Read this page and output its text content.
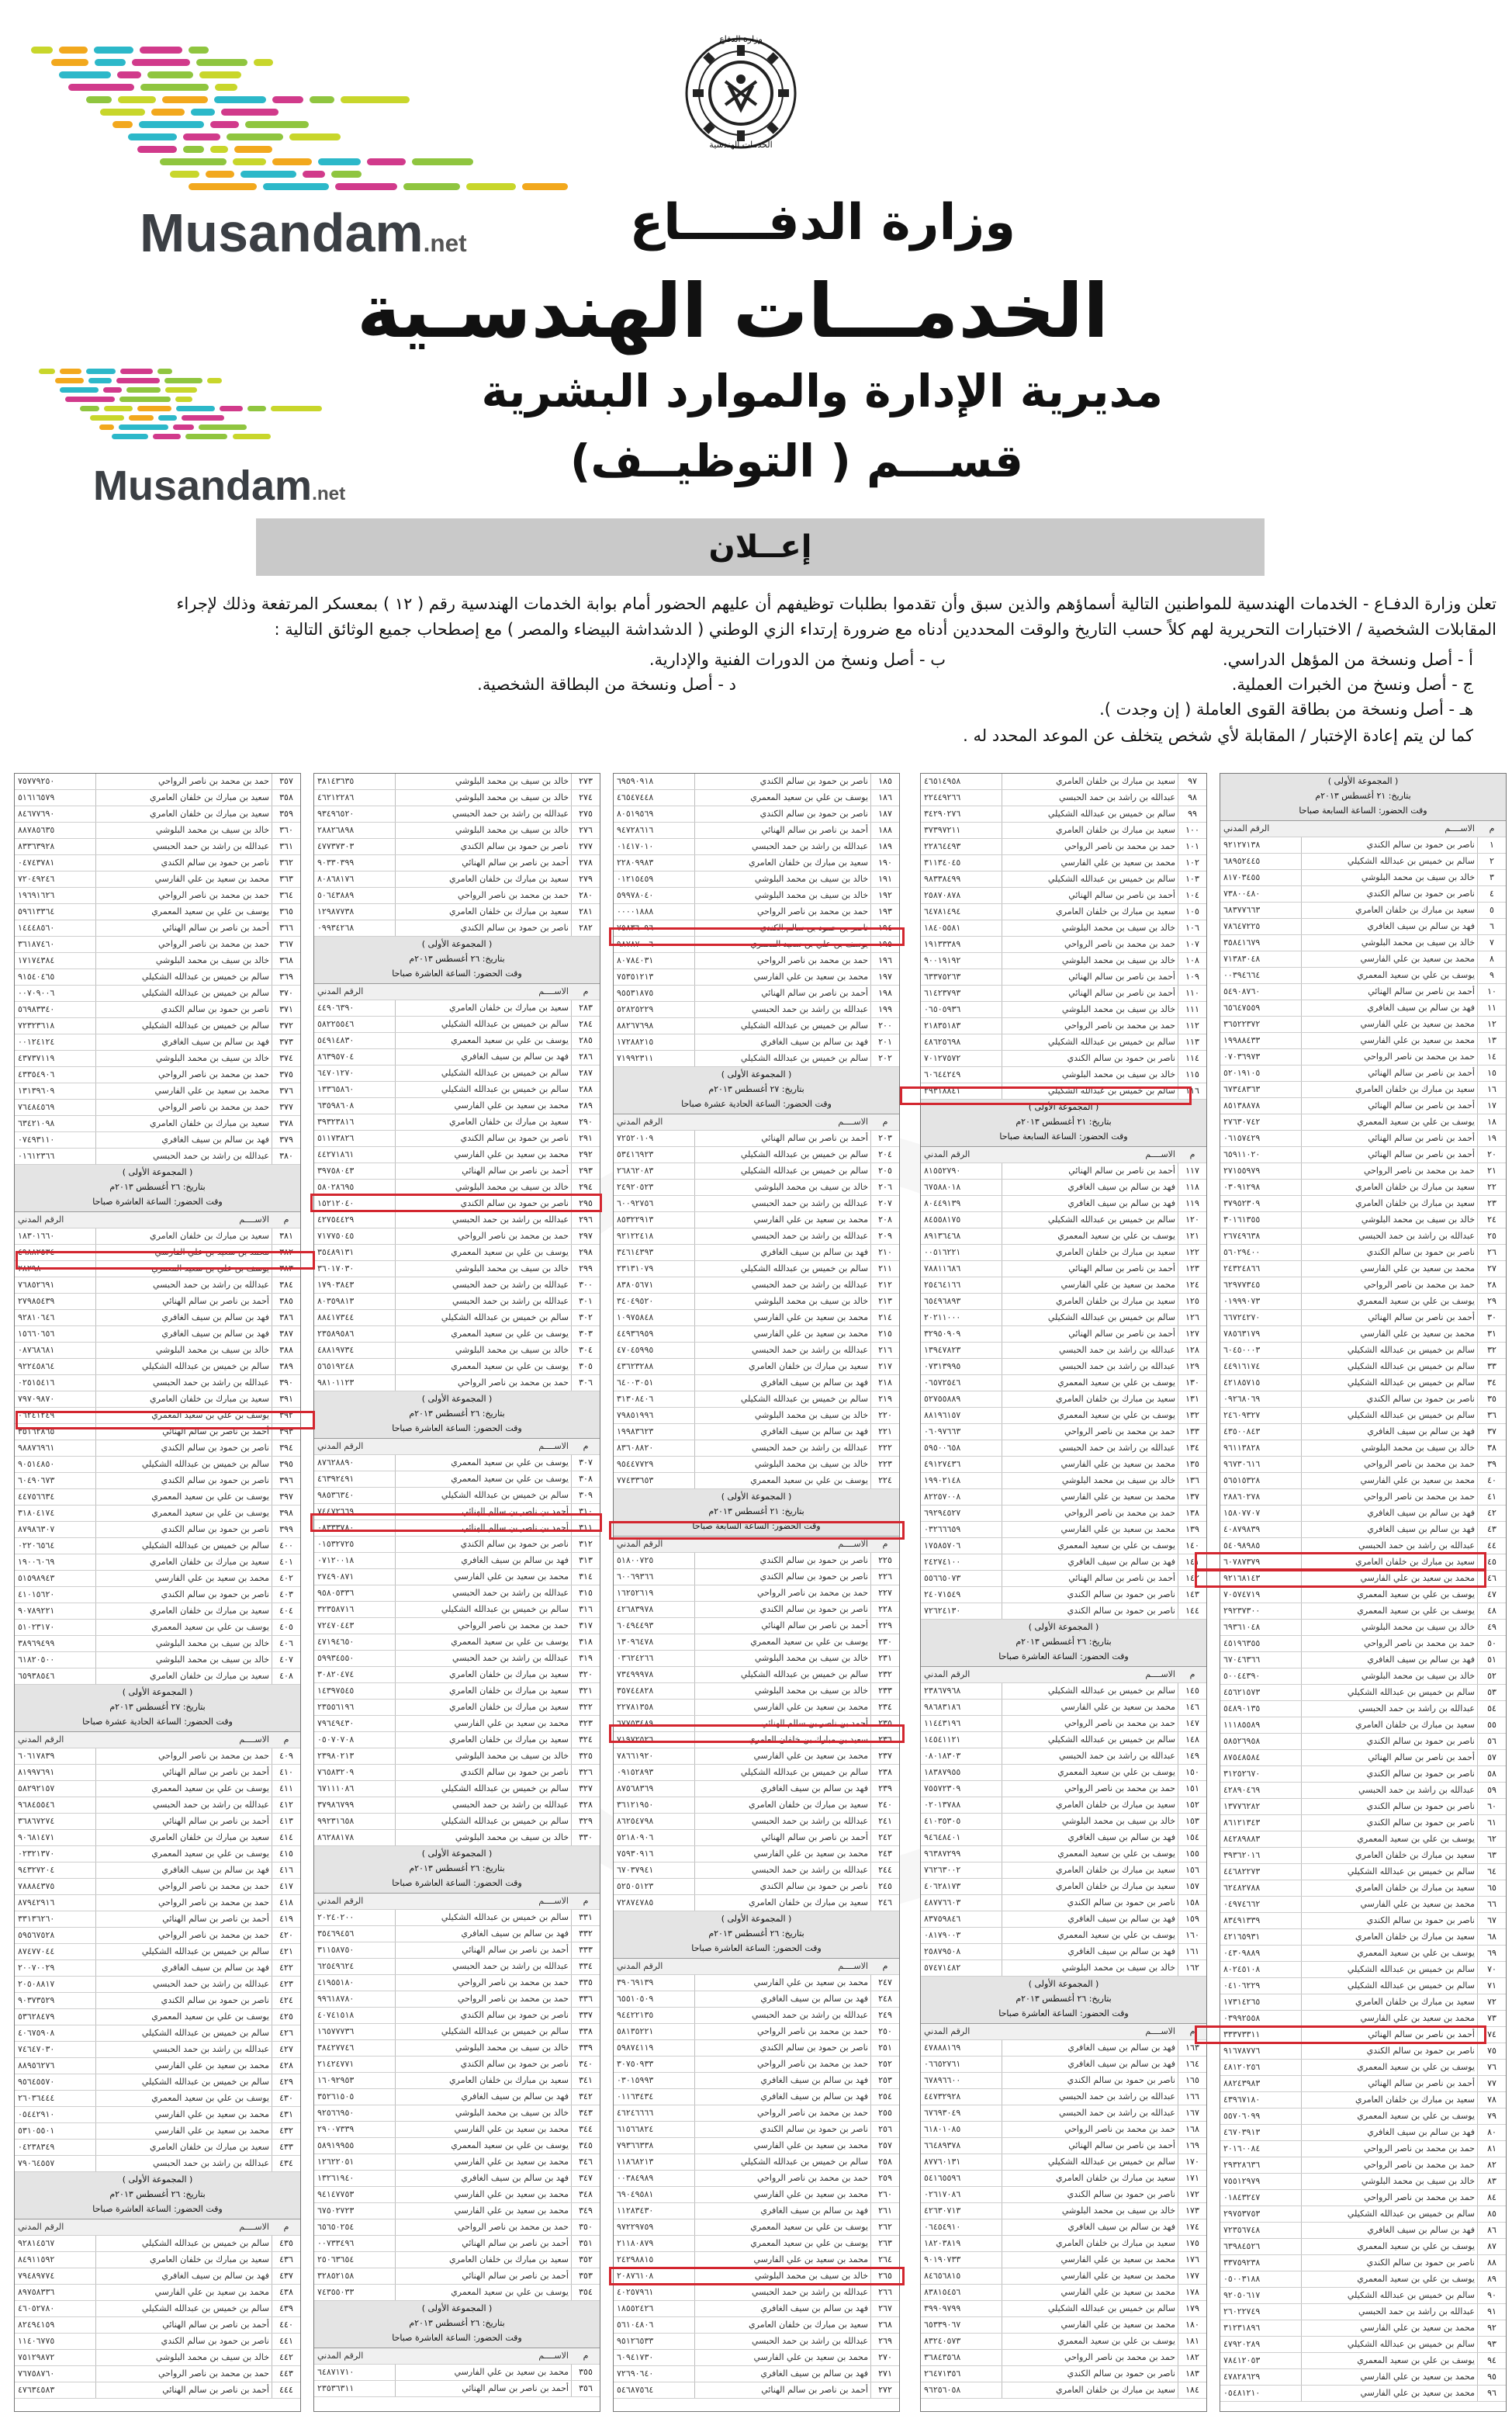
Musandam.net
Musandam.net
وزارة الدفاع
الخدمات الهندسية
وزارة الدفـــــاع
الخدمـــات الهندسـية
مديرية الإدارة والموارد البشرية
قســـم ( التوظيــف)
إعــلان
تعلن وزارة الدفـاع - الخدمات الهندسية للمواطنين التالية أسماؤهم والذين سبق وأن تقدموا بطلبات توظيفهم أن عليهم الحضور أمام بوابة الخدمات الهندسية رقم ( ١٢ ) بمعسكر المرتفعة وذلك لإجراء
المقابلات الشخصية / الاختبارات التحريرية لهم كلاً حسب التاريخ والوقت المحددين أدناه مع ضرورة إرتداء الزي الوطني ( الدشداشة البيضاء والمصر ) مع إصطحاب جميع الوثائق التالية :
أ - أصل ونسخة من المؤهل الدراسي.
ب - أصل ونسخ من الدورات الفنية والإدارية.
ج - أصل ونسخ من الخبرات العملية.
د - أصل ونسخة من البطاقة الشخصية.
هـ - أصل ونسخة من بطاقة القوى العاملة ( إن وجدت ).
كما لن يتم إعادة الإختبار / المقابلة لأي شخص يتخلف عن الموعد المحدد له .
( المجموعة الأولى )
بتاريخ: ٢١ أغسطس ٢٠١٣م
وقت الحضور: الساعة السابعة صباحا
م
الاســــم
الرقم المدني
١
ناصر بن حمود بن سالم الكندي
٩٢١٢٧١٣٨
٢
سالم بن خميس بن عبدالله الشكيلي
٦٨٩٥٢٤٤٥
٣
خالد بن سيف بن محمد البلوشي
٨١٧٠٣٤٥٥
٤
ناصر بن حمود بن سالم الكندي
٧٣٨٠٠٤٨٠
٥
سعيد بن مبارك بن خلفان العامري
٦٨٣٧٧٦٦٣
٦
فهد بن سالم بن سيف الغافري
٧٨٦٤٧٢٢٥
٧
خالد بن سيف بن محمد البلوشي
٣٥٨٤١٦٧٩
٨
محمد بن سعيد بن علي الفارسي
٧١٣٨٣٠٤٨
٩
يوسف بن علي بن سعيد المعمري
٠٠٣٩٤٦٦٤
١٠
أحمد بن ناصر بن سالم الهنائي
٥٤٩٠٨٧٦٠
١١
فهد بن سالم بن سيف الغافري
٦٥٦٤٧٥٥٩
١٢
محمد بن سعيد بن علي الفارسي
٣٦٥٢٢٣٧٢
١٣
محمد بن سعيد بن علي الفارسي
١٩٩٨٨٤٣٣
١٤
حمد بن محمد بن ناصر الرواحي
٠٧٠٣٦٩٧٣
١٥
أحمد بن ناصر بن سالم الهنائي
٥٢٠١٩١٠٥
١٦
سعيد بن مبارك بن خلفان العامري
٦٧٣٤٨٣٦٣
١٧
أحمد بن ناصر بن سالم الهنائي
٨٥١٣٨٨٧٨
١٨
يوسف بن علي بن سعيد المعمري
٢٧٦٣٠٧٤٢
١٩
أحمد بن ناصر بن سالم الهنائي
٠٦١٥٧٤٢٩
٢٠
أحمد بن ناصر بن سالم الهنائي
٦٥٩١١٠٢٠
٢١
حمد بن محمد بن ناصر الرواحي
٢٧١٥٥٩٧٩
٢٢
سعيد بن مبارك بن خلفان العامري
٠٣٠٩١٢٩٨
٢٣
سعيد بن مبارك بن خلفان العامري
٣٧٩٥٢٣٠٩
٢٤
خالد بن سيف بن محمد البلوشي
٣٠١٦١٣٥٥
٢٥
عبدالله بن راشد بن حمد الحبسي
٢٦٧٤٩٦٣٨
٢٦
ناصر بن حمود بن سالم الكندي
٥٦٠٢٩٤٠٠
٢٧
محمد بن سعيد بن علي الفارسي
٢٤٣٢٤٨٦٦
٢٨
حمد بن محمد بن ناصر الرواحي
٦٢٩٧٧٣٤٥
٢٩
يوسف بن علي بن سعيد المعمري
٠١٩٩٩٠٧٣
٣٠
أحمد بن ناصر بن سالم الهنائي
٦٦٧٢٤٢٧٠
٣١
محمد بن سعيد بن علي الفارسي
٧٨٥٦٣١٧٩
٣٢
سالم بن خميس بن عبدالله الشكيلي
٦٠٤٥٠٠٠٣
٣٣
سالم بن خميس بن عبدالله الشكيلي
٤٤٩١٦١٧٤
٣٤
سالم بن خميس بن عبدالله الشكيلي
٤٢١٨٥٧١٥
٣٥
ناصر بن حمود بن سالم الكندي
٠٩٢٦٨٠٦٩
٣٦
سالم بن خميس بن عبدالله الشكيلي
٢٤٦٠٩٣٢٧
٣٧
فهد بن سالم بن سيف الغافري
٤٣٥٠٠٨٤٣
٣٨
خالد بن سيف بن محمد البلوشي
٩٦١١٣٨٢٨
٣٩
حمد بن محمد بن ناصر الرواحي
٩٦٧٣٠٦١٦
٤٠
محمد بن سعيد بن علي الفارسي
٥٦٥١٥٣٢٨
٤١
حمد بن محمد بن ناصر الرواحي
٢٨٨٦٠٢٧٨
٤٢
فهد بن سالم بن سيف الغافري
١٥٨٠٧٧٠٧
٤٣
فهد بن سالم بن سيف الغافري
٤٠٨٧٩٨٣٩
٤٤
عبدالله بن راشد بن حمد الحبسي
٥٤٠٩٨٩٨٥
٤٥
سعيد بن مبارك بن خلفان العامري
٦٠٧٨٧٣٧٩
٤٦
محمد بن سعيد بن علي الفارسي
٩٢١٦٨١٤٣
٤٧
يوسف بن علي بن سعيد المعمري
٧٠٥٧٤٧١٩
٤٨
يوسف بن علي بن سعيد المعمري
٢٩٢٣٧٣٠٠
٤٩
خالد بن سيف بن محمد البلوشي
٦٩٣٦١٠٤٨
٥٠
حمد بن محمد بن ناصر الرواحي
٤٥١٩٦٣٥٥
٥١
فهد بن سالم بن سيف الغافري
٦٧٠٤٦٣٦٦
٥٢
خالد بن سيف بن محمد البلوشي
٥٠٠٤٤٣٩٠
٥٣
سالم بن خميس بن عبدالله الشكيلي
٤٥٦٢١٥٧٣
٥٤
عبدالله بن راشد بن حمد الحبسي
٥٤٨٩٠١٣٥
٥٥
سعيد بن مبارك بن خلفان العامري
١١١٨٥٥٨٩
٥٦
ناصر بن حمود بن سالم الكندي
٥٨٥٢٦٩٥٨
٥٧
أحمد بن ناصر بن سالم الهنائي
٨٧٥٤٨٥٨٤
٥٨
ناصر بن حمود بن سالم الكندي
٣١٢٥٢٦٧٠
٥٩
عبدالله بن راشد بن حمد الحبسي
٤٢٨٩٠٤٦٩
٦٠
ناصر بن حمود بن سالم الكندي
١٣٧٧٦٢٨٢
٦١
ناصر بن حمود بن سالم الكندي
٨٦١٢١٣٤٣
٦٢
يوسف بن علي بن سعيد المعمري
٨٤٢٨٩٨٨٣
٦٣
سعيد بن مبارك بن خلفان العامري
٣٩٣٦٢٠١٦
٦٤
سالم بن خميس بن عبدالله الشكيلي
٤٤٦٨٢٢٧٣
٦٥
سعيد بن مبارك بن خلفان العامري
٦٢٤٨٢٧٨٨
٦٦
محمد بن سعيد بن علي الفارسي
٠٤٩٧٤٦٦٢
٦٧
ناصر بن حمود بن سالم الكندي
٨٣٤٩١٣٣٩
٦٨
سعيد بن مبارك بن خلفان العامري
٤٢١٦٥٩٣١
٦٩
يوسف بن علي بن سعيد المعمري
٠٤٣٠٩٨٨٩
٧٠
سالم بن خميس بن عبدالله الشكيلي
٨٠٢٤٥١٠٨
٧١
سالم بن خميس بن عبدالله الشكيلي
٠٤١٠٦٢٢٩
٧٢
سعيد بن مبارك بن خلفان العامري
١٧٣١٤٢٦٥
٧٣
محمد بن سعيد بن علي الفارسي
٠٣٩٩٢٥٥٨
٧٤
أحمد بن ناصر بن سالم الهنائي
٣٣٣٧٣٣١١
٧٥
ناصر بن حمود بن سالم الكندي
٩١٦٧٨٧٧٦
٧٦
يوسف بن علي بن سعيد المعمري
٤٨١٢٠٢٥٦
٧٧
أحمد بن ناصر بن سالم الهنائي
٨٨٢٤٣٩٨٣
٧٨
سعيد بن مبارك بن خلفان العامري
٤٣٩٦٧١٨٠
٧٩
يوسف بن علي بن سعيد المعمري
٥٥٧٠٦٠٩٩
٨٠
فهد بن سالم بن سيف الغافري
٤٦٧٠٣٩١٣
٨١
حمد بن محمد بن ناصر الرواحي
٢٠١٦٠٠٨٤
٨٢
حمد بن محمد بن ناصر الرواحي
٢٩٣٢٨٦٣٦
٨٣
خالد بن سيف بن محمد البلوشي
٧٥٥١٢٩٧٩
٨٤
حمد بن محمد بن ناصر الرواحي
٠١٨٤٣٢٤٧
٨٥
سالم بن خميس بن عبدالله الشكيلي
٢٩٧٥٣٧٥٣
٨٦
فهد بن سالم بن سيف الغافري
٧٢٣٥٦٧٤٨
٨٧
يوسف بن علي بن سعيد المعمري
٦٣٩٨٤٥٢٦
٨٨
ناصر بن حمود بن سالم الكندي
٣٣٧٥٩٢٣٨
٨٩
يوسف بن علي بن سعيد المعمري
٠٥٠٠٣١٨٨
٩٠
سالم بن خميس بن عبدالله الشكيلي
٩٢٠٥٠٦١٧
٩١
عبدالله بن راشد بن حمد الحبسي
٢٦٠٢٢٧٤٩
٩٢
محمد بن سعيد بن علي الفارسي
٣١٢٣١٨٩٦
٩٣
سالم بن خميس بن عبدالله الشكيلي
٤٧٩٢٠٢٨٩
٩٤
يوسف بن علي بن سعيد المعمري
٧٨٤١٢٠٥٣
٩٥
محمد بن سعيد بن علي الفارسي
٤٧٨٢٨٦٢٩
٩٦
محمد بن سعيد بن علي الفارسي
٠٥٤٨١٢١٠
٩٧
سعيد بن مبارك بن خلفان العامري
٤٦٥١٤٩٥٨
٩٨
عبدالله بن راشد بن حمد الحبسي
٢٢٤٤٩٢٦٦
٩٩
سالم بن خميس بن عبدالله الشكيلي
٣٤٢٩٠٢٧٦
١٠٠
سعيد بن مبارك بن خلفان العامري
٣٧٣٩٧٢١١
١٠١
حمد بن محمد بن ناصر الرواحي
٢٢٨٦٤٤٩٣
١٠٢
محمد بن سعيد بن علي الفارسي
٣١١٣٤٠٤٥
١٠٣
سالم بن خميس بن عبدالله الشكيلي
٩٨٣٣٨٤٩٩
١٠٤
أحمد بن ناصر بن سالم الهنائي
٢٥٨٧٠٨٧٨
١٠٥
سعيد بن مبارك بن خلفان العامري
٦٤٧٨١٤٩٤
١٠٦
خالد بن سيف بن محمد البلوشي
١٨٤٠٥٥٨١
١٠٧
حمد بن محمد بن ناصر الرواحي
١٩١٣٣٣٨٩
١٠٨
خالد بن سيف بن محمد البلوشي
٩٠٠١٩١٩٢
١٠٩
أحمد بن ناصر بن سالم الهنائي
٦٣٣٧٥٢٦٣
١١٠
أحمد بن ناصر بن سالم الهنائي
٦١٤٢٣٧٩٣
١١١
خالد بن سيف بن محمد البلوشي
٠٦٥٠٥٩٣٦
١١٢
حمد بن محمد بن ناصر الرواحي
٢١٨٣٥١٨٣
١١٣
سالم بن خميس بن عبدالله الشكيلي
٤٨٦٢٥٦٩٨
١١٤
ناصر بن حمود بن سالم الكندي
٧٠١٢٧٥٧٢
١١٥
خالد بن سيف بن محمد البلوشي
٦٠٦٤٤٢٤٩
١١٦
سالم بن خميس بن عبدالله الشكيلي
٢٩٣١٨٨٤١
( المجموعة الأولى )
بتاريخ: ٢١ أغسطس ٢٠١٣م
وقت الحضور: الساعة السابعة صباحا
م
الاســــم
الرقم المدني
١١٧
أحمد بن ناصر بن سالم الهنائي
٨١٥٥٢٧٩٠
١١٨
فهد بن سالم بن سيف الغافري
٦٧٥٨٨٠١٨
١١٩
فهد بن سالم بن سيف الغافري
٨٠٤٤٩١٣٩
١٢٠
سالم بن خميس بن عبدالله الشكيلي
٨٤٥٥٨١٧٥
١٢١
يوسف بن علي بن سعيد المعمري
٨٩١٣٦٤٦٨
١٢٢
سعيد بن مبارك بن خلفان العامري
٠٠٥١٦٢٢١
١٢٣
أحمد بن ناصر بن سالم الهنائي
٧٨٨١١٦٨٦
١٢٤
محمد بن سعيد بن علي الفارسي
٢٥٤٦٤١٦٦
١٢٥
سعيد بن مبارك بن خلفان العامري
٦٥٤٩٦٨٩٣
١٢٦
سالم بن خميس بن عبدالله الشكيلي
٢٠٢١١٠٠٠
١٢٧
أحمد بن ناصر بن سالم الهنائي
٣٢٩٥٠٩٠٩
١٢٨
عبدالله بن راشد بن حمد الحبسي
١٣٩٤٧٨٢٣
١٢٩
عبدالله بن راشد بن حمد الحبسي
٠٧٣١٣٩٩٥
١٣٠
يوسف بن علي بن سعيد المعمري
٠٦٥٧٢٥٤٦
١٣١
سعيد بن مبارك بن خلفان العامري
٥٢٧٥٥٨٨٩
١٣٢
يوسف بن علي بن سعيد المعمري
٨٨١٩٦١٥٧
١٣٣
حمد بن محمد بن ناصر الرواحي
٠٦٠٩٧٦٦٣
١٣٤
عبدالله بن راشد بن حمد الحبسي
٥٩٥٠٠٦٥٨
١٣٥
محمد بن سعيد بن علي الفارسي
٤٩١٢٧٤٣٦
١٣٦
خالد بن سيف بن محمد البلوشي
١٩٩٠٢١٤٨
١٣٧
محمد بن سعيد بن علي الفارسي
٨٢٢٥٧٠٠٨
١٣٨
حمد بن محمد بن ناصر الرواحي
٦٩٢٩٤٥٢٧
١٣٩
محمد بن سعيد بن علي الفارسي
٠٣٢٦٦٦٥٩
١٤٠
يوسف بن علي بن سعيد المعمري
١٧٥٨٥٧٠٦
١٤١
فهد بن سالم بن سيف الغافري
٢٤٢٧٤١٠٠
١٤٢
أحمد بن ناصر بن سالم الهنائي
٥٥٦٦٥٠٧٣
١٤٣
ناصر بن حمود بن سالم الكندي
٢٤٠٧١٥٤٩
١٤٤
ناصر بن حمود بن سالم الكندي
٧٢٦٢٤١٣٠
( المجموعة الأولى )
بتاريخ: ٢٦ أغسطس ٢٠١٣م
وقت الحضور: الساعة العاشرة صباحا
م
الاســــم
الرقم المدني
١٤٥
سالم بن خميس بن عبدالله الشكيلي
٢٣٨٦٧٩٦٨
١٤٦
محمد بن سعيد بن علي الفارسي
٩٨٦٨٣١٨٦
١٤٧
حمد بن محمد بن ناصر الرواحي
١١٤٤٣١٩٦
١٤٨
سالم بن خميس بن عبدالله الشكيلي
١٤٥٤١١٢١
١٤٩
عبدالله بن راشد بن حمد الحبسي
٠٨٠١٨٣٠٣
١٥٠
يوسف بن علي بن سعيد المعمري
١٨٣٨٧٩٥٥
١٥١
حمد بن محمد بن ناصر الرواحي
٧٥٥٧٢٣٠٩
١٥٢
سعيد بن مبارك بن خلفان العامري
٠٢٠١٣٧٨٨
١٥٣
خالد بن سيف بن محمد البلوشي
٤١٠٣٥٣٠٥
١٥٤
فهد بن سالم بن سيف الغافري
٩٤٦٤٨٤٠١
١٥٥
يوسف بن علي بن سعيد المعمري
٩٦٣٨٧٢٩٩
١٥٦
سعيد بن مبارك بن خلفان العامري
٧٦٢٦٣٠٠٢
١٥٧
سعيد بن مبارك بن خلفان العامري
٤٠٦٢٨١٧٣
١٥٨
ناصر بن حمود بن سالم الكندي
٤٨٧٧٦٦٠٣
١٥٩
فهد بن سالم بن سيف الغافري
٨٣٧٥٩٨٤٦
١٦٠
يوسف بن علي بن سعيد المعمري
٠٨١٧٩٠٠٣
١٦١
فهد بن سالم بن سيف الغافري
٢٥٨٧٩٥٠٨
١٦٢
خالد بن سيف بن محمد البلوشي
٥٧٤٧١٤٨٢
( المجموعة الأولى )
بتاريخ: ٢٦ أغسطس ٢٠١٣م
وقت الحضور: الساعة العاشرة صباحا
م
الاســــم
الرقم المدني
١٦٣
فهد بن سالم بن سيف الغافري
٤٧٨٨٨١٦٩
١٦٤
فهد بن سالم بن سيف الغافري
٠٦٦٥٢٧٦١
١٦٥
ناصر بن حمود بن سالم الكندي
٦٧٨٩٦٦٠٠
١٦٦
عبدالله بن راشد بن حمد الحبسي
٤٤٧٣٢٩٢٨
١٦٧
عبدالله بن راشد بن حمد الحبسي
٦٧٦٩٣٠٤٩
١٦٨
حمد بن محمد بن ناصر الرواحي
٦١٨٠١٠٨٥
١٦٩
أحمد بن ناصر بن سالم الهنائي
٦٦٤٨٩٣٧٨
١٧٠
سالم بن خميس بن عبدالله الشكيلي
٨٧٧٦٠١٣١
١٧١
سعيد بن مبارك بن خلفان العامري
٥٤١٦٥٥٩٦
١٧٢
ناصر بن حمود بن سالم الكندي
٠٢٦١٧٠٨٦
١٧٣
خالد بن سيف بن محمد البلوشي
٤٢٦٣٠٧١٣
١٧٤
فهد بن سالم بن سيف الغافري
٠٦٤٥٤٩١٠
١٧٥
سعيد بن مبارك بن خلفان العامري
١٨٢٠٣٨١٩
١٧٦
محمد بن سعيد بن علي الفارسي
٩٠١٩٠٧٣٣
١٧٧
محمد بن سعيد بن علي الفارسي
٨٤٦٥٦٨١٥
١٧٨
محمد بن سعيد بن علي الفارسي
٨٣٨١٥٤٥٦
١٧٩
سالم بن خميس بن عبدالله الشكيلي
٣٩٩٠٩٧٩٩
١٨٠
محمد بن سعيد بن علي الفارسي
٦٥٣٣٩٠٦٧
١٨١
يوسف بن علي بن سعيد المعمري
٨٣٢٤٠٥٧٣
١٨٢
حمد بن محمد بن ناصر الرواحي
٣٦٨٤٣٥٦٨
١٨٣
ناصر بن حمود بن سالم الكندي
٢٦٤٧١٣٥٦
١٨٤
سعيد بن مبارك بن خلفان العامري
٩٦٢٥٦٠٥٨
١٨٥
ناصر بن حمود بن سالم الكندي
٦٩٥٩٠٩١٨
١٨٦
يوسف بن علي بن سعيد المعمري
٤٦٥٤٧٤٤٨
١٨٧
ناصر بن حمود بن سالم الكندي
٨٠٥١٩٥٦٩
١٨٨
أحمد بن ناصر بن سالم الهنائي
٩٤٧٢٨٦١٦
١٨٩
عبدالله بن راشد بن حمد الحبسي
٠١٤١٧٠١٠
١٩٠
سعيد بن مبارك بن خلفان العامري
٢٢٨٠٩٩٨٣
١٩١
خالد بن سيف بن محمد البلوشي
٠١٢١٥٤٥٩
١٩٢
خالد بن سيف بن محمد البلوشي
٥٩٩٧٨٠٤٠
١٩٣
حمد بن محمد بن ناصر الرواحي
٠٠٠٠١٨٨٨
١٩٤
ناصر بن حمود بن سالم الكندي
٧٥٨٣٦٠٩٦
١٩٥
يوسف بن علي بن سعيد المعمري
٩٨٧٨٧٠٠٦
١٩٦
حمد بن محمد بن ناصر الرواحي
٨٠٧٨٤٠٣١
١٩٧
محمد بن سعيد بن علي الفارسي
٧٥٣٥١٢١٣
١٩٨
أحمد بن ناصر بن سالم الهنائي
٩٥٥٣١٨٧٥
١٩٩
عبدالله بن راشد بن حمد الحبسي
٥٢٨٢٥٢٢٩
٢٠٠
سالم بن خميس بن عبدالله الشكيلي
٨٨٢٦٧٦٩٨
٢٠١
فهد بن سالم بن سيف الغافري
١٧٢٨٨٢١٥
٢٠٢
سالم بن خميس بن عبدالله الشكيلي
٧١٩٩٢٣١١
( المجموعة الأولى )
بتاريخ: ٢٧ أغسطس ٢٠١٣م
وقت الحضور: الساعة الحادية عشرة صباحا
م
الاســــم
الرقم المدني
٢٠٣
أحمد بن ناصر بن سالم الهنائي
٧٢٥٢٠١٠٩
٢٠٤
سالم بن خميس بن عبدالله الشكيلي
٥٣٤١٦٩٢٣
٢٠٥
سالم بن خميس بن عبدالله الشكيلي
٢٦٨٦٢٠٨٣
٢٠٦
خالد بن سيف بن محمد البلوشي
٢٤٩٢٠٥٢٣
٢٠٧
عبدالله بن راشد بن حمد الحبسي
٦٠٠٩٢٧٥٦
٢٠٨
محمد بن سعيد بن علي الفارسي
٨٥٣٢٢٩١٣
٢٠٩
عبدالله بن راشد بن حمد الحبسي
٩٢١٢٢٤١٨
٢١٠
فهد بن سالم بن سيف الغافري
٣٤٦١٤٣٩٣
٢١١
سالم بن خميس بن عبدالله الشكيلي
٢٣١٣١٠٧٩
٢١٢
عبدالله بن راشد بن حمد الحبسي
٨٣٨٠٥٦٧١
٢١٣
خالد بن سيف بن محمد البلوشي
٣٤٠٤٩٥٢٠
٢١٤
محمد بن سعيد بن علي الفارسي
١٠٩٧٥٨٤٨
٢١٥
محمد بن سعيد بن علي الفارسي
٤٤٩٣٦٩٥٩
٢١٦
عبدالله بن راشد بن حمد الحبسي
٤٧٠٤٥٩٩٥
٢١٧
سعيد بن مبارك بن خلفان العامري
٤٣٦٢٣٢٨٨
٢١٨
فهد بن سالم بن سيف الغافري
٦٤٠٠٣٠٥١
٢١٩
سالم بن خميس بن عبدالله الشكيلي
٣١٣٠٨٤٠٦
٢٢٠
خالد بن سيف بن محمد البلوشي
٧٩٨٥١٩٩٦
٢٢١
فهد بن سالم بن سيف الغافري
١٩٩٨٣٦٢٣
٢٢٢
عبدالله بن راشد بن حمد الحبسي
٨٣٦٠٨٨٢٠
٢٢٣
خالد بن سيف بن محمد البلوشي
٩٥٤٤٧٧٢٩
٢٢٤
يوسف بن علي بن سعيد المعمري
٧٧٤٣٣٦٥٣
( المجموعة الأولى )
بتاريخ: ٢١ أغسطس ٢٠١٣م
وقت الحضور: الساعة السابعة صباحا
م
الاســــم
الرقم المدني
٢٢٥
ناصر بن حمود بن سالم الكندي
٥١٨٠٠٧٢٥
٢٢٦
ناصر بن حمود بن سالم الكندي
٦٠٠٦٩٣٦٦
٢٢٧
حمد بن محمد بن ناصر الرواحي
١٦٢٥٢٦١٩
٢٢٨
ناصر بن حمود بن سالم الكندي
٤٢٦٨٣٩٧٨
٢٢٩
أحمد بن ناصر بن سالم الهنائي
٦٠٤٩٤٤٩٣
٢٣٠
يوسف بن علي بن سعيد المعمري
١٣٠٩٦٤٧٨
٢٣١
خالد بن سيف بن محمد البلوشي
٠٣٦٢٤٢٦٦
٢٣٢
سالم بن خميس بن عبدالله الشكيلي
٧٣٤٩٩٩٧٨
٢٣٣
خالد بن سيف بن محمد البلوشي
٣٥٧٤٤٨٢٨
٢٣٤
محمد بن سعيد بن علي الفارسي
٢٢٧٨١٣٥٨
٢٣٥
أحمد بن ناصر بن سالم الهنائي
٦٧٧٥٣٤٨٩
٢٣٦
سعيد بن مبارك بن خلفان العامري
٧١٩٧٢٥٢٦
٢٣٧
محمد بن سعيد بن علي الفارسي
٧٨٦٦١٩٢٠
٢٣٨
سالم بن خميس بن عبدالله الشكيلي
٠٩١٥٢٨٩٣
٢٣٩
فهد بن سالم بن سيف الغافري
٨٧٥٦٨٣٦٩
٢٤٠
سعيد بن مبارك بن خلفان العامري
٣٦١٢١٩٥٠
٢٤١
عبدالله بن راشد بن حمد الحبسي
٨٦٢٥٤٧٩٨
٢٤٢
أحمد بن ناصر بن سالم الهنائي
٥٢١٨٠٩٠٦
٢٤٣
محمد بن سعيد بن علي الفارسي
٧٥٩٣٠٩١٦
٢٤٤
عبدالله بن راشد بن حمد الحبسي
٦٧٠٣٧٩٤١
٢٤٥
ناصر بن حمود بن سالم الكندي
٥٢٥٠٥١٢٣
٢٤٦
سعيد بن مبارك بن خلفان العامري
٧٢٨٧٤٧٨٥
( المجموعة الأولى )
بتاريخ: ٢٦ أغسطس ٢٠١٣م
وقت الحضور: الساعة العاشرة صباحا
م
الاســــم
الرقم المدني
٢٤٧
محمد بن سعيد بن علي الفارسي
٣٩٠٦٩١٣٩
٢٤٨
فهد بن سالم بن سيف الغافري
٦٥٥١٠٥٠٩
٢٤٩
عبدالله بن راشد بن حمد الحبسي
٩٤٤٢٢١٣٥
٢٥٠
حمد بن محمد بن ناصر الرواحي
٥٨١٣٥٢٢١
٢٥١
ناصر بن حمود بن سالم الكندي
٥٩٨٧٤١١٩
٢٥٢
حمد بن محمد بن ناصر الرواحي
٣٠٧٥٠٩٣٣
٢٥٣
فهد بن سالم بن سيف الغافري
٠٣٠١٥٩٩٣
٢٥٤
فهد بن سالم بن سيف الغافري
٠١١٦٣٤٣٤
٢٥٥
حمد بن محمد بن ناصر الرواحي
٤٦٢٤٦٦٦٦
٢٥٦
ناصر بن حمود بن سالم الكندي
٦١٥٦٦٨٢٤
٢٥٧
محمد بن سعيد بن علي الفارسي
٧٩٣٦٦٣٣٨
٢٥٨
سالم بن خميس بن عبدالله الشكيلي
١١٨٦٨٢١٣
٢٥٩
حمد بن محمد بن ناصر الرواحي
٠٠٣٨٤٩٨٩
٢٦٠
محمد بن سعيد بن علي الفارسي
٦٩٠٤٩٥٨١
٢٦١
فهد بن سالم بن سيف الغافري
١١٢٨٣٤٣٠
٢٦٢
يوسف بن علي بن سعيد المعمري
٩٧٢٢٩٧٥٩
٢٦٣
يوسف بن علي بن سعيد المعمري
٢١١٨٠٨٧٩
٢٦٤
محمد بن سعيد بن علي الفارسي
٢٤٢٩٨٨١٥
٢٦٥
خالد بن سيف بن محمد البلوشي
٢٠٨٧٦١٠٨
٢٦٦
عبدالله بن راشد بن حمد الحبسي
٤٠٢٥٧٩٦١
٢٦٧
فهد بن سالم بن سيف الغافري
١٨٥٥٢٤٢٦
٢٦٨
سعيد بن مبارك بن خلفان العامري
٥٦١٠٤٨٠٦
٢٦٩
عبدالله بن راشد بن حمد الحبسي
٩٥١٢٦٥٣٣
٢٧٠
محمد بن سعيد بن علي الفارسي
٦٠٩٤١٧٣٠
٢٧١
فهد بن سالم بن سيف الغافري
٧٢٦٩٠٦٤٠
٢٧٢
أحمد بن ناصر بن سالم الهنائي
٥٤٦٨٧٥٦٤
٢٧٣
خالد بن سيف بن محمد البلوشي
٣٨١٤٣٦٣٥
٢٧٤
خالد بن سيف بن محمد البلوشي
٤٦٢١٢٢٨٦
٢٧٥
عبدالله بن راشد بن حمد الحبسي
٩٣٤٩٦٥٢٠
٢٧٦
خالد بن سيف بن محمد البلوشي
٢٨٨٢٦٨٩٨
٢٧٧
ناصر بن حمود بن سالم الكندي
٤٧٧٣٧٣٠٣
٢٧٨
أحمد بن ناصر بن سالم الهنائي
٩٠٣٣٠٣٩٩
٢٧٩
سعيد بن مبارك بن خلفان العامري
٨٠٨٦٨١٧٦
٢٨٠
حمد بن محمد بن ناصر الرواحي
٥٠٦٤٣٨٨٩
٢٨١
سعيد بن مبارك بن خلفان العامري
١٢٩٨٧٧٣٨
٢٨٢
ناصر بن حمود بن سالم الكندي
٠٩٩٣٤٢٦٨
( المجموعة الأولى )
بتاريخ: ٢٦ أغسطس ٢٠١٣م
وقت الحضور: الساعة العاشرة صباحا
م
الاســــم
الرقم المدني
٢٨٣
سعيد بن مبارك بن خلفان العامري
٤٤٩٠٦٣٩٠
٢٨٤
سالم بن خميس بن عبدالله الشكيلي
٥٨٢٢٥٥٤٦
٢٨٥
يوسف بن علي بن سعيد المعمري
٥٤٩١٤٨٣٠
٢٨٦
فهد بن سالم بن سيف الغافري
٨٦٣٩٥٧٠٤
٢٨٧
سالم بن خميس بن عبدالله الشكيلي
٦٤٧٠١٢٧٠
٢٨٨
سالم بن خميس بن عبدالله الشكيلي
١٣٣٦٥٨٦٠
٢٨٩
محمد بن سعيد بن علي الفارسي
٦٣٥٩٨٦٠٨
٢٩٠
سعيد بن مبارك بن خلفان العامري
٣٩٣٢٣٨١٦
٢٩١
ناصر بن حمود بن سالم الكندي
٥١١٧٣٨٢٦
٢٩٢
محمد بن سعيد بن علي الفارسي
٤٤٢٧١٨٦١
٢٩٣
أحمد بن ناصر بن سالم الهنائي
٣٩٧٥٨٠٤٣
٢٩٤
خالد بن سيف بن محمد البلوشي
٥٨٠٢٨٦٩٥
٢٩٥
ناصر بن حمود بن سالم الكندي
١٥٢١٢٠٤٠
٢٩٦
عبدالله بن راشد بن حمد الحبسي
٤٢٧٥٤٤٢٩
٢٩٧
حمد بن محمد بن ناصر الرواحي
٧١٧٧٥٠٤٥
٢٩٨
يوسف بن علي بن سعيد المعمري
٣٥٤٨٩١٣١
٢٩٩
خالد بن سيف بن محمد البلوشي
٣٦٠١٧٠٣٠
٣٠٠
عبدالله بن راشد بن حمد الحبسي
١٧٩٠٣٨٤٣
٣٠١
عبدالله بن راشد بن حمد الحبسي
٨٠٣٥٩٨١٣
٣٠٢
سالم بن خميس بن عبدالله الشكيلي
٨٨٤١٧٣٤٤
٣٠٣
يوسف بن علي بن سعيد المعمري
٢٣٥٨٩٥٨٦
٣٠٤
خالد بن سيف بن محمد البلوشي
٤٨٨١٩٧٣٤
٣٠٥
يوسف بن علي بن سعيد المعمري
٥٦٥١٩٢٤٨
٣٠٦
حمد بن محمد بن ناصر الرواحي
٩٨١٠١١٢٣
( المجموعة الأولى )
بتاريخ: ٢٦ أغسطس ٢٠١٣م
وقت الحضور: الساعة العاشرة صباحا
م
الاســــم
الرقم المدني
٣٠٧
يوسف بن علي بن سعيد المعمري
٨٧٦٢٨٨٩٠
٣٠٨
يوسف بن علي بن سعيد المعمري
٤٦٣٩٢٤٩١
٣٠٩
سالم بن خميس بن عبدالله الشكيلي
٩٨٥٣٦٣٤٠
٣١٠
أحمد بن ناصر بن سالم الهنائي
٧٤٤٧٢٦٦٩
٣١١
أحمد بن ناصر بن سالم الهنائي
٠٨٣٣٣٧٨٠
٣١٢
ناصر بن حمود بن سالم الكندي
٠١٥٣٢٧٢٥
٣١٣
فهد بن سالم بن سيف الغافري
٠٧١٢٠٠١٨
٣١٤
محمد بن سعيد بن علي الفارسي
٢٧٤٩٠٨٧١
٣١٥
عبدالله بن راشد بن حمد الحبسي
٩٥٨٠٥٣٣٦
٣١٦
سالم بن خميس بن عبدالله الشكيلي
٣٢٣٥٨٧١٦
٣١٧
حمد بن محمد بن ناصر الرواحي
٧٢٤٧٠٤٤٣
٣١٨
يوسف بن علي بن سعيد المعمري
٤٧١٩٤٦٥٠
٣١٩
عبدالله بن راشد بن حمد الحبسي
٥٩٩٣٤٥٥٠
٣٢٠
سعيد بن مبارك بن خلفان العامري
٣٠٨٢٠٤٧٤
٣٢١
سعيد بن مبارك بن خلفان العامري
١٤٣٩٧٥٤٥
٣٢٢
سعيد بن مبارك بن خلفان العامري
٢٣٥٥٦١٩٦
٣٢٣
محمد بن سعيد بن علي الفارسي
٧٩٦٤٩٤٣٠
٣٢٤
سعيد بن مبارك بن خلفان العامري
٠٥٠٧٠٧٠٨
٣٢٥
خالد بن سيف بن محمد البلوشي
٢٣٩٨٠٢١٣
٣٢٦
ناصر بن حمود بن سالم الكندي
٧٦٥٨٣٢٠٩
٣٢٧
سالم بن خميس بن عبدالله الشكيلي
٦٧١١١٠٨٦
٣٢٨
عبدالله بن راشد بن حمد الحبسي
٣٧٩٨٦٧٩٩
٣٢٩
سالم بن خميس بن عبدالله الشكيلي
٩٩٢٣١٦٥٨
٣٣٠
خالد بن سيف بن محمد البلوشي
٨٦٢٨٨١٧٨
( المجموعة الأولى )
بتاريخ: ٢٦ أغسطس ٢٠١٣م
وقت الحضور: الساعة العاشرة صباحا
م
الاســــم
الرقم المدني
٣٣١
سالم بن خميس بن عبدالله الشكيلي
٢٠٢٤٠٢٠٠
٣٣٢
فهد بن سالم بن سيف الغافري
٣٥٤٦٩٤٥٦
٣٣٣
أحمد بن ناصر بن سالم الهنائي
٣١١٥٨٧٥٠
٣٣٤
عبدالله بن راشد بن حمد الحبسي
٦٢٥٤٩٦٢٤
٣٣٥
حمد بن محمد بن ناصر الرواحي
٤١٩٥٥١٨٠
٣٣٦
حمد بن محمد بن ناصر الرواحي
٩٩٦١٨٧٨٠
٣٣٧
ناصر بن حمود بن سالم الكندي
٤٠٧٤١٥١٨
٣٣٨
سالم بن خميس بن عبدالله الشكيلي
١٦٥٧٧٧٣٦
٣٣٩
خالد بن سيف بن محمد البلوشي
٣٨٤٢٧٧٤٦
٣٤٠
ناصر بن حمود بن سالم الكندي
٢١٤٢٤٧٧١
٣٤١
سعيد بن مبارك بن خلفان العامري
١٦٠٩٢٩٥٣
٣٤٢
فهد بن سالم بن سيف الغافري
٣٥٢٦١٥٠٥
٣٤٣
خالد بن سيف بن محمد البلوشي
٩٢٥٦٦٩٥٠
٣٤٤
محمد بن سعيد بن علي الفارسي
٢٩٠٠٧٣٣٩
٣٤٥
يوسف بن علي بن سعيد المعمري
٥٨٩١٩٩٥٥
٣٤٦
محمد بن سعيد بن علي الفارسي
١٢٦٢٢٠٥١
٣٤٧
فهد بن سالم بن سيف الغافري
١٣٢٦١٩٤٠
٣٤٨
محمد بن سعيد بن علي الفارسي
٩٤١٤٧٧٥٣
٣٤٩
محمد بن سعيد بن علي الفارسي
٦٧٥٠٢٧٢٣
٣٥٠
حمد بن محمد بن ناصر الرواحي
٦٥٦٥٠٢٥٤
٣٥١
أحمد بن ناصر بن سالم الهنائي
٠٠٧٣٣٤٩٦
٣٥٢
سعيد بن مبارك بن خلفان العامري
٢٥٠٦٣٦٥٤
٣٥٣
أحمد بن ناصر بن سالم الهنائي
٣٢٨٥٢١٥٨
٣٥٤
يوسف بن علي بن سعيد المعمري
٧٤٣٥٥٠٣٣
( المجموعة الأولى )
بتاريخ: ٢٦ أغسطس ٢٠١٣م
وقت الحضور: الساعة العاشرة صباحا
م
الاســــم
الرقم المدني
٣٥٥
محمد بن سعيد بن علي الفارسي
٦٤٨٧١٧١٠
٣٥٦
أحمد بن ناصر بن سالم الهنائي
٢٣٥٣٦٣١١
٣٥٧
حمد بن محمد بن ناصر الرواحي
٧٥٧٧٩٢٥٠
٣٥٨
سعيد بن مبارك بن خلفان العامري
٥١٦١٦٥٧٩
٣٥٩
سعيد بن مبارك بن خلفان العامري
٨٤٦٧٧٦٩٠
٣٦٠
خالد بن سيف بن محمد البلوشي
٨٨٧٨٥٦٣٥
٣٦١
عبدالله بن راشد بن حمد الحبسي
٨٣٣٦٣٩٢٨
٣٦٢
ناصر بن حمود بن سالم الكندي
٠٤٧٤٣٧٨١
٣٦٣
محمد بن سعيد بن علي الفارسي
٧٢٠٤٩٢٤٦
٣٦٤
حمد بن محمد بن ناصر الرواحي
١٩٦٩١٦٢٦
٣٦٥
يوسف بن علي بن سعيد المعمري
٥٩٦١٣٣٦٤
٣٦٦
أحمد بن ناصر بن سالم الهنائي
١٤٤٤٨٥٦٠
٣٦٧
حمد بن محمد بن ناصر الرواحي
٣٦١٨٧٤٦٠
٣٦٨
خالد بن سيف بن محمد البلوشي
١٧١٧٤٣٨٤
٣٦٩
سالم بن خميس بن عبدالله الشكيلي
٩١٥٤٠٤٦٥
٣٧٠
سالم بن خميس بن عبدالله الشكيلي
٠٠٧٠٩٠٠٦
٣٧١
ناصر بن حمود بن سالم الكندي
٥٦٩٨٣٣٤٠
٣٧٢
سالم بن خميس بن عبدالله الشكيلي
٧٢٣٢٣٦١٨
٣٧٣
فهد بن سالم بن سيف الغافري
٠٠١٢٤١٢٤
٣٧٤
خالد بن سيف بن محمد البلوشي
٤٣٧٣٧١١٩
٣٧٥
حمد بن محمد بن ناصر الرواحي
٤٣٣٥٤٩٠٦
٣٧٦
محمد بن سعيد بن علي الفارسي
١٣١٣٩٦٠٩
٣٧٧
حمد بن محمد بن ناصر الرواحي
٧٦٤٨٤٥٦٩
٣٧٨
سعيد بن مبارك بن خلفان العامري
٦٣٤٢١٠٩٨
٣٧٩
فهد بن سالم بن سيف الغافري
٠٧٤٩٣١١٠
٣٨٠
عبدالله بن راشد بن حمد الحبسي
٠١٦١٢٣٦٦
( المجموعة الأولى )
بتاريخ: ٢٦ أغسطس ٢٠١٣م
وقت الحضور: الساعة العاشرة صباحا
م
الاســــم
الرقم المدني
٣٨١
سعيد بن مبارك بن خلفان العامري
١٨٣٠١٦٦٠
٣٨٢
محمد بن سعيد بن علي الفارسي
٤٩٨٨٢٥٣٤
٣٨٣
يوسف بن علي بن سعيد المعمري
٢٨٢٩٨٠٠٠
٣٨٤
عبدالله بن راشد بن حمد الحبسي
٧٦٨٥٢٦٩١
٣٨٥
أحمد بن ناصر بن سالم الهنائي
٢٧٩٨٥٤٣٩
٣٨٦
فهد بن سالم بن سيف الغافري
٩٢٨١٠٦٤٦
٣٨٧
فهد بن سالم بن سيف الغافري
١٥٦٦٠٦٥٦
٣٨٨
خالد بن سيف بن محمد البلوشي
٠٨٧٦٨٦٨١
٣٨٩
سالم بن خميس بن عبدالله الشكيلي
٩٢٢٤٥٨٦٤
٣٩٠
عبدالله بن راشد بن حمد الحبسي
٠٢٥١٥٤١٦
٣٩١
سعيد بن مبارك بن خلفان العامري
٧٩٧٠٩٨٧٠
٣٩٢
يوسف بن علي بن سعيد المعمري
٠٦٢٤١٢٤٩
٣٩٣
أحمد بن ناصر بن سالم الهنائي
٣٥١٦٢٨٦٥
٣٩٤
ناصر بن حمود بن سالم الكندي
٩٨٨٧٦٩٦١
٣٩٥
سالم بن خميس بن عبدالله الشكيلي
٩٠٥١٤٨٥٠
٣٩٦
ناصر بن حمود بن سالم الكندي
٦٠٤٩٠٦٧٣
٣٩٧
يوسف بن علي بن سعيد المعمري
٤٤٧٥٦٦٣٤
٣٩٨
يوسف بن علي بن سعيد المعمري
٣١٨٠٤١٧٤
٣٩٩
ناصر بن حمود بن سالم الكندي
٨٧٩٨٦٣٠٧
٤٠٠
سالم بن خميس بن عبدالله الشكيلي
٠٢٢٠٦٥٦٤
٤٠١
سعيد بن مبارك بن خلفان العامري
١٩٠٠٦٠٦٩
٤٠٢
محمد بن سعيد بن علي الفارسي
٥١٥٩٨٩٤٣
٤٠٣
ناصر بن حمود بن سالم الكندي
٤١٠١٥٦٢٠
٤٠٤
سعيد بن مبارك بن خلفان العامري
٩٠٧٨٩٢٢١
٤٠٥
يوسف بن علي بن سعيد المعمري
٥١٠٢٣١٧٠
٤٠٦
خالد بن سيف بن محمد البلوشي
٣٨٩٦٩٤٩٩
٤٠٧
خالد بن سيف بن محمد البلوشي
٦١٨٢٠٥٠٠
٤٠٨
سعيد بن مبارك بن خلفان العامري
٦٥٩٣٨٥٤٦
( المجموعة الأولى )
بتاريخ: ٢٧ أغسطس ٢٠١٣م
وقت الحضور: الساعة الحادية عشرة صباحا
م
الاســــم
الرقم المدني
٤٠٩
حمد بن محمد بن ناصر الرواحي
٦٠٦١٧٨٣٩
٤١٠
أحمد بن ناصر بن سالم الهنائي
٨١٩٩٧٦٩١
٤١١
يوسف بن علي بن سعيد المعمري
٥٨٢٩٢١٥٧
٤١٢
عبدالله بن راشد بن حمد الحبسي
٩٦٨٤٥٥٤٦
٤١٣
أحمد بن ناصر بن سالم الهنائي
٣٦٨٦٧٢٧٤
٤١٤
سعيد بن مبارك بن خلفان العامري
٩٠٦٨١٤٧١
٤١٥
يوسف بن علي بن سعيد المعمري
٠٢٣٢١٣٧٠
٤١٦
فهد بن سالم بن سيف الغافري
٩٤٣٢٧٢٠٤
٤١٧
حمد بن محمد بن ناصر الرواحي
٧٨٨٨٤٣٧٥
٤١٨
حمد بن محمد بن ناصر الرواحي
٨٧٩٤٢٩١٦
٤١٩
أحمد بن ناصر بن سالم الهنائي
٣٣١٣٦٢٦٠
٤٢٠
حمد بن محمد بن ناصر الرواحي
٥٩٥٦٧٥٢٨
٤٢١
سالم بن خميس بن عبدالله الشكيلي
٨٧٤٧٧٠٤٤
٤٢٢
فهد بن سالم بن سيف الغافري
٢٠٠٧٠٠٢٩
٤٢٣
عبدالله بن راشد بن حمد الحبسي
٢٠٥٠٨٨١٧
٤٢٤
ناصر بن حمود بن سالم الكندي
٩٠٣٧٣٥٢٩
٤٢٥
يوسف بن علي بن سعيد المعمري
٥٣٦٢٨٤٧٩
٤٢٦
سالم بن خميس بن عبدالله الشكيلي
٤٠٦٧٥٩٠٨
٤٢٧
عبدالله بن راشد بن حمد الحبسي
٧٤٦٤٧٠٣٠
٤٢٨
محمد بن سعيد بن علي الفارسي
٨٨٩٥٦٢٧٦
٤٢٩
سالم بن خميس بن عبدالله الشكيلي
٩٥٦٤٥٥٧٠
٤٣٠
يوسف بن علي بن سعيد المعمري
٢٦٠٣٦٤٤٤
٤٣١
محمد بن سعيد بن علي الفارسي
٠٥٤٤٢٩١٠
٤٣٢
محمد بن سعيد بن علي الفارسي
٥٣١٠٥٥٠١
٤٣٣
سعيد بن مبارك بن خلفان العامري
٠٤٢٣٨٣٤٩
٤٣٤
عبدالله بن راشد بن حمد الحبسي
٧٩٠٦٤٥٥٧
( المجموعة الأولى )
بتاريخ: ٢٦ أغسطس ٢٠١٣م
وقت الحضور: الساعة العاشرة صباحا
م
الاســــم
الرقم المدني
٤٣٥
سالم بن خميس بن عبدالله الشكيلي
٩٢٨١٤٥٦٧
٤٣٦
سعيد بن مبارك بن خلفان العامري
٨٤٩١١٥٩٢
٤٣٧
فهد بن سالم بن سيف الغافري
٧٩٤٨٩٧٧٤
٤٣٨
محمد بن سعيد بن علي الفارسي
٨٩٧٥٨٣٣٦
٤٣٩
سالم بن خميس بن عبدالله الشكيلي
٤٦٠٥٢٧٨٠
٤٤٠
أحمد بن ناصر بن سالم الهنائي
٨٢٤٩٤١٥٩
٤٤١
ناصر بن حمود بن سالم الكندي
١١٤٠٦٧٧٥
٤٤٢
خالد بن سيف بن محمد البلوشي
٧٥١٢٩٨٧٢
٤٤٣
حمد بن محمد بن ناصر الرواحي
٧٦٧٥٨٧٦٠
٤٤٤
أحمد بن ناصر بن سالم الهنائي
٤٧٦٣٤٥٨٣
